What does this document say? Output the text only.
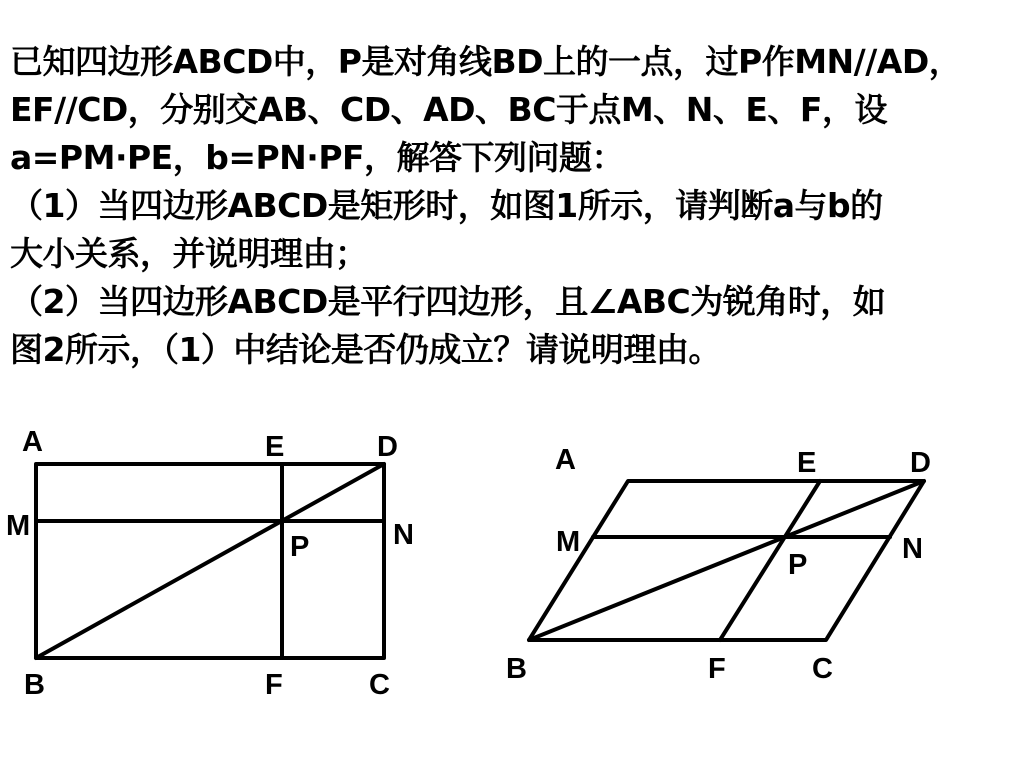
已知四边形ABCD中，P是对角线BD上的一点，过P作MN//AD，
EF//CD，分别交AB、CD、AD、BC于点M、N、E、F，设
a=PM·PE，b=PN·PF，解答下列问题：
（1）当四边形ABCD是矩形时，如图1所示，请判断a与b的
大小关系，并说明理由；
（2）当四边形ABCD是平行四边形，且∠ABC为锐角时，如
图2所示，（1）中结论是否仍成立？请说明理由。
A	E	D
M	N
P
B	F	C
A	E	D
M	N
P
B	F	C
